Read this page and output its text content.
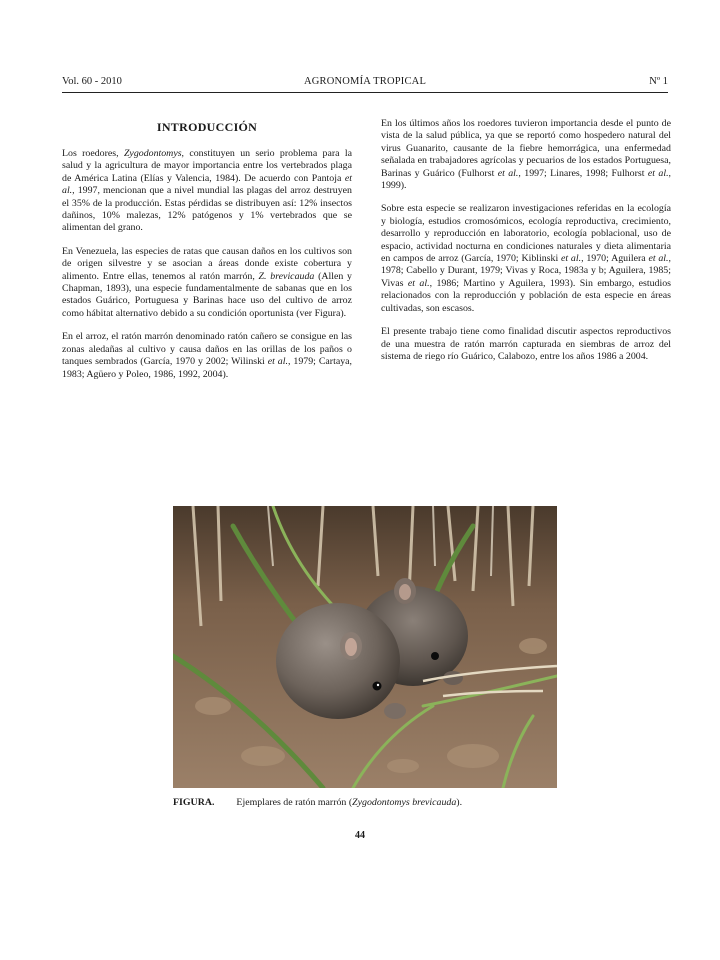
Vol. 60 - 2010	AGRONOMÍA TROPICAL	Nº 1
INTRODUCCIÓN

Los roedores, Zygodontomys, constituyen un serio problema para la salud y la agricultura de mayor importancia entre los vertebrados plaga de América Latina (Elías y Valencia, 1984). De acuerdo con Pantoja et al., 1997, mencionan que a nivel mundial las plagas del arroz destruyen el 35% de la producción. Estas pérdidas se distribuyen así: 12% insectos dañinos, 10% malezas, 12% patógenos y 1% vertebrados que se alimentan del grano.

En Venezuela, las especies de ratas que causan daños en los cultivos son de origen silvestre y se asocian a áreas donde existe cobertura y alimento. Entre ellas, tenemos al ratón marrón, Z. brevicauda (Allen y Chapman, 1893), una especie fundamentalmente de sabanas que en los estados Guárico, Portuguesa y Barinas hace uso del cultivo de arroz como hábitat alternativo debido a su condición oportunista (ver Figura).

En el arroz, el ratón marrón denominado ratón cañero se consigue en las zonas aledañas al cultivo y causa daños en las orillas de los paños o tanques sembrados (García, 1970 y 2002; Wilinski et al., 1979; Cartaya, 1983; Agüero y Poleo, 1986, 1992, 2004).

En los últimos años los roedores tuvieron importancia desde el punto de vista de la salud pública, ya que se reportó como hospedero natural del virus Guanarito, causante de la fiebre hemorrágica, una enfermedad señalada en trabajadores agrícolas y pecuarios de los estados Portuguesa, Barinas y Guárico (Fulhorst et al., 1997; Linares, 1998; Fulhorst et al., 1999).

Sobre esta especie se realizaron investigaciones referidas en la ecología y biología, estudios cromosómicos, ecología reproductiva, crecimiento, desarrollo y reproducción en laboratorio, ecología poblacional, uso de espacio, actividad nocturna en condiciones naturales y dieta alimentaria en campos de arroz (García, 1970; Kiblinski et al., 1970; Aguilera et al., 1978; Cabello y Durant, 1979; Vivas y Roca, 1983a y b; Aguilera, 1985; Vivas et al., 1986; Martino y Aguilera, 1993). Sin embargo, estudios relacionados con la reproducción y población de esta especie en áreas cultivadas, son escasos.

El presente trabajo tiene como finalidad discutir aspectos reproductivos de una muestra de ratón marrón capturada en siembras de arroz del sistema de riego río Guárico, Calabozo, entre los años 1986 a 2004.

FIGURA. Ejemplares de ratón marrón (Zygodontomys brevicauda).
44
